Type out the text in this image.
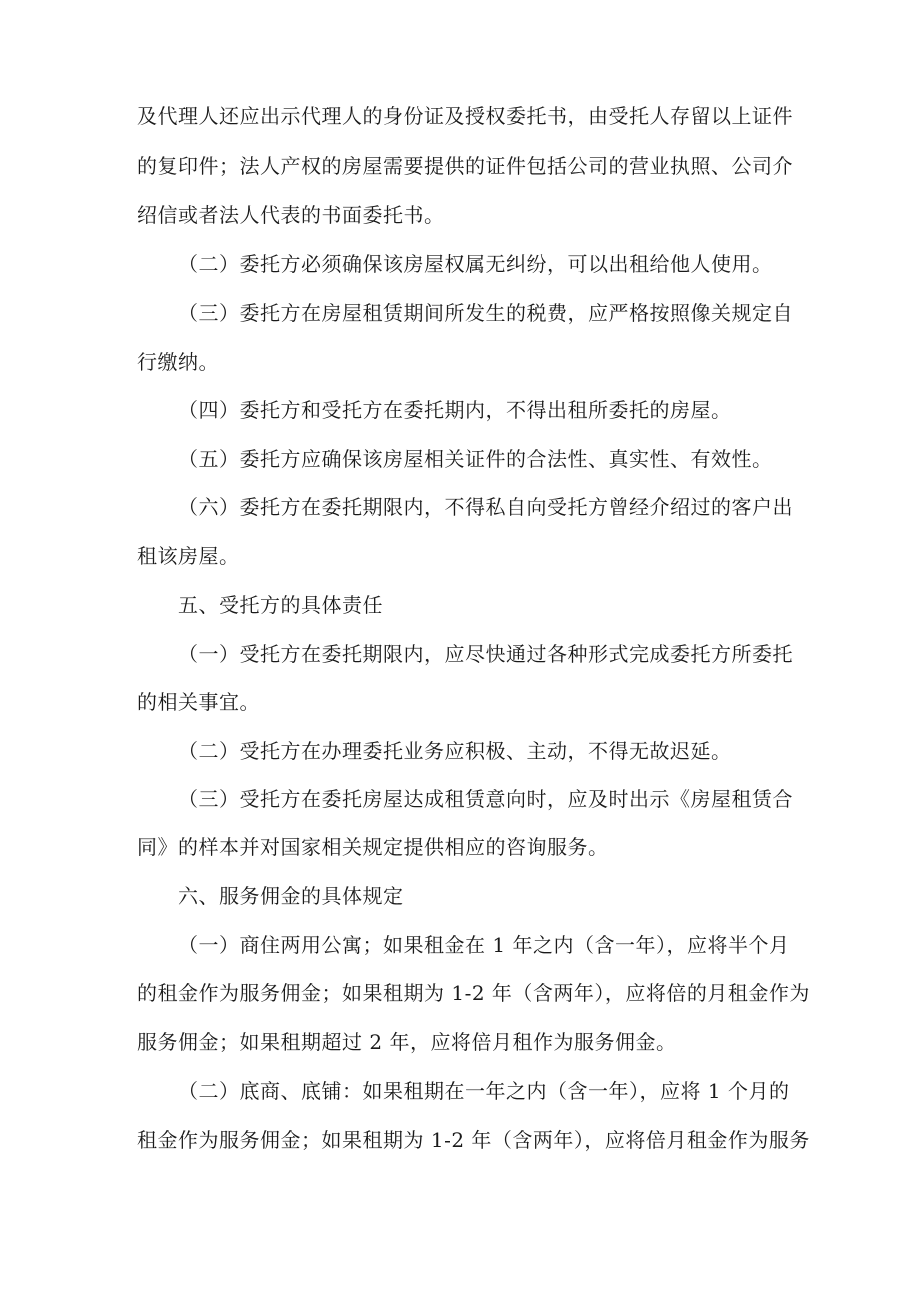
及代理人还应出示代理人的身份证及授权委托书，由受托人存留以上证件
的复印件；法人产权的房屋需要提供的证件包括公司的营业执照、公司介
绍信或者法人代表的书面委托书。
（二）委托方必须确保该房屋权属无纠纷，可以出租给他人使用。
（三）委托方在房屋租赁期间所发生的税费，应严格按照像关规定自
行缴纳。
（四）委托方和受托方在委托期内，不得出租所委托的房屋。
（五）委托方应确保该房屋相关证件的合法性、真实性、有效性。
（六）委托方在委托期限内，不得私自向受托方曾经介绍过的客户出
租该房屋。
五、受托方的具体责任
（一）受托方在委托期限内，应尽快通过各种形式完成委托方所委托
的相关事宜。
（二）受托方在办理委托业务应积极、主动，不得无故迟延。
（三）受托方在委托房屋达成租赁意向时，应及时出示《房屋租赁合
同》的样本并对国家相关规定提供相应的咨询服务。
六、服务佣金的具体规定
（一）商住两用公寓；如果租金在 1 年之内（含一年），应将半个月
的租金作为服务佣金；如果租期为 1-2 年（含两年），应将倍的月租金作为
服务佣金；如果租期超过 2 年，应将倍月租作为服务佣金。
（二）底商、底铺：如果租期在一年之内（含一年），应将 1 个月的
租金作为服务佣金；如果租期为 1-2 年（含两年），应将倍月租金作为服务
